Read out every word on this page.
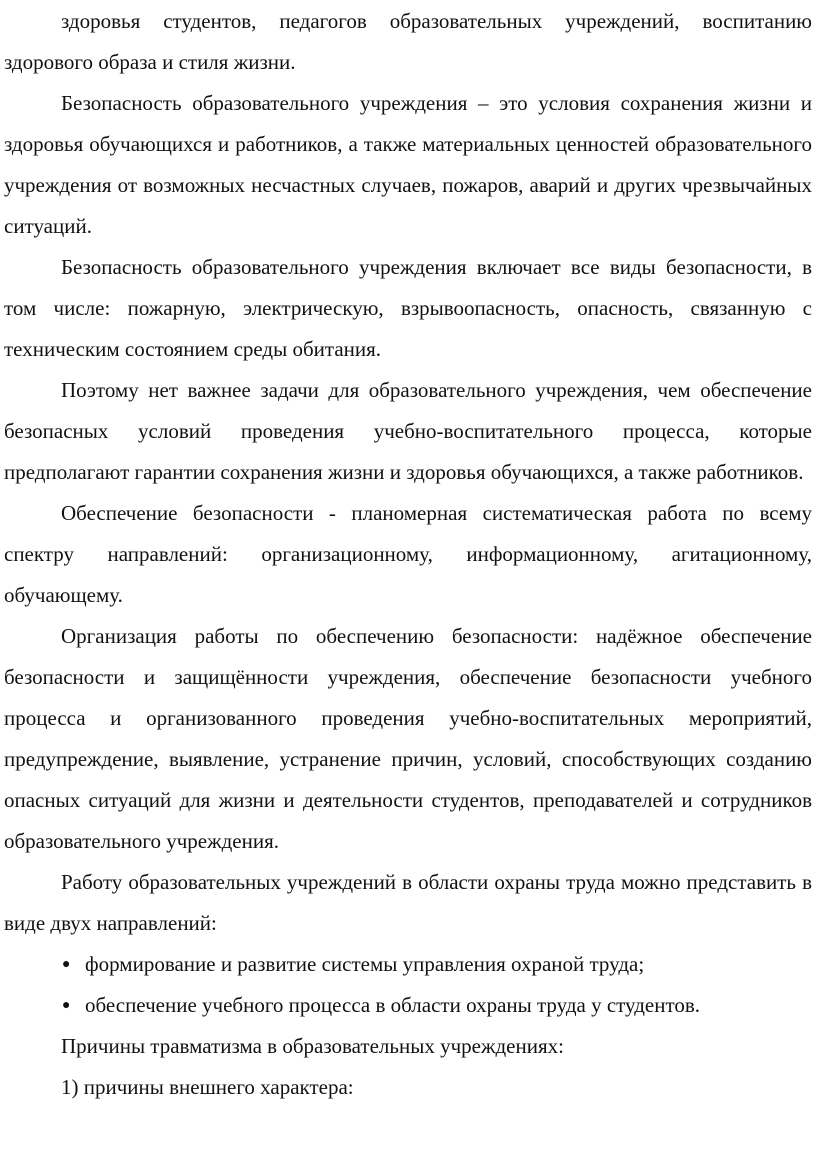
здоровья студентов, педагогов образовательных учреждений, воспитанию здорового образа и стиля жизни.

Безопасность образовательного учреждения – это условия сохранения жизни и здоровья обучающихся и работников, а также материальных ценностей образовательного учреждения от возможных несчастных случаев, пожаров, аварий и других чрезвычайных ситуаций.

Безопасность образовательного учреждения включает все виды безопасности, в том числе: пожарную, электрическую, взрывоопасность, опасность, связанную с техническим состоянием среды обитания.

Поэтому нет важнее задачи для образовательного учреждения, чем обеспечение безопасных условий проведения учебно-воспитательного процесса, которые предполагают гарантии сохранения жизни и здоровья обучающихся, а также работников.

Обеспечение безопасности - планомерная систематическая работа по всему спектру направлений: организационному, информационному, агитационному, обучающему.

Организация работы по обеспечению безопасности: надёжное обеспечение безопасности и защищённости учреждения, обеспечение безопасности учебного процесса и организованного проведения учебно-воспитательных мероприятий, предупреждение, выявление, устранение причин, условий, способствующих созданию опасных ситуаций для жизни и деятельности студентов, преподавателей и сотрудников образовательного учреждения.

Работу образовательных учреждений в области охраны труда можно представить в виде двух направлений:

● формирование и развитие системы управления охраной труда;
● обеспечение учебного процесса в области охраны труда у студентов.

Причины травматизма в образовательных учреждениях:

1) причины внешнего характера:
